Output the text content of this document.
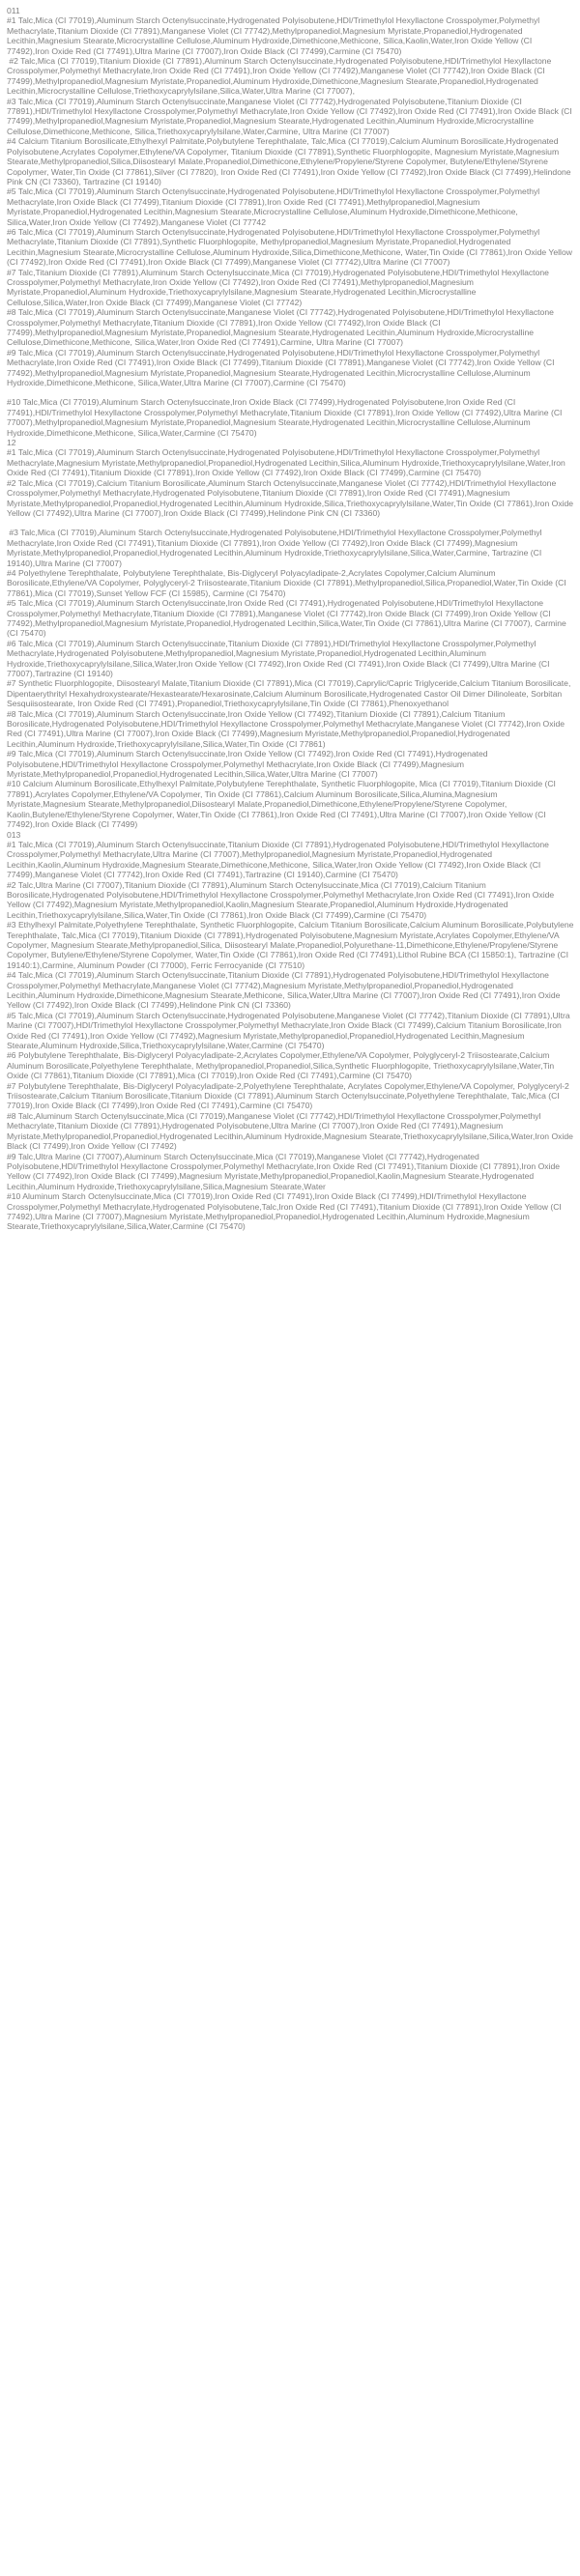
011
#1 Talc,Mica (CI 77019),Aluminum Starch Octenylsuccinate,Hydrogenated Polyisobutene,HDI/Trimethylol Hexyllactone Crosspolymer,Polymethyl Methacrylate,Titanium Dioxide (CI 77891),Manganese Violet (CI 77742),Methylpropanediol,Magnesium Myristate,Propanediol,Hydrogenated Lecithin,Magnesium Stearate,Microcrystalline Cellulose,Aluminum Hydroxide,Dimethicone,Methicone, Silica,Kaolin,Water,Iron Oxide Yellow (CI 77492),Iron Oxide Red (CI 77491),Ultra Marine (CI 77007),Iron Oxide Black (CI 77499),Carmine (CI 75470)

#2 Talc,Mica (CI 77019),Titanium Dioxide (CI 77891),Aluminum Starch Octenylsuccinate,Hydrogenated Polyisobutene,HDI/Trimethylol Hexyllactone Crosspolymer,Polymethyl Methacrylate,Iron Oxide Red (CI 77491),Iron Oxide Yellow (CI 77492),Manganese Violet (CI 77742),Iron Oxide Black (CI 77499),Methylpropanediol,Magnesium Myristate,Propanediol,Aluminum Hydroxide,Dimethicone,Magnesium Stearate,Propanediol,Hydrogenated Lecithin,Microcrystalline Cellulose,Triethoxycaprylylsilane,Silica,Water,Ultra Marine (CI 77007),

#3 Talc,Mica (CI 77019),Aluminum Starch Octenylsuccinate,Manganese Violet (CI 77742),Hydrogenated Polyisobutene,Titanium Dioxide (CI 77891),HDI/Trimethylol Hexyllactone Crosspolymer,Polymethyl Methacrylate,Iron Oxide Yellow (CI 77492),Iron Oxide Red (CI 77491),Iron Oxide Black (CI 77499),Methylpropanediol,Magnesium Myristate,Propanediol,Magnesium Stearate,Hydrogenated Lecithin,Aluminum Hydroxide,Microcrystalline Cellulose,Dimethicone,Methicone, Silica,Triethoxycaprylylsilane,Water,Carmine, Ultra Marine (CI 77007)

#4 Calcium Titanium Borosilicate,Ethylhexyl Palmitate,Polybutylene Terephthalate, Talc,Mica (CI 77019),Calcium Aluminum Borosilicate,Hydrogenated Polyisobutene,Acrylates Copolymer,Ethylene/VA Copolymer, Titanium Dioxide (CI 77891),Synthetic Fluorphlogopite, Magnesium Myristate,Magnesium Stearate,Methylpropanediol,Silica,Diisostearyl Malate,Propanediol,Dimethicone,Ethylene/Propylene/Styrene Copolymer, Butylene/Ethylene/Styrene Copolymer, Water,Tin Oxide (CI 77861),Silver (CI 77820), Iron Oxide Red (CI 77491),Iron Oxide Yellow (CI 77492),Iron Oxide Black (CI 77499),Helindone Pink CN (CI 73360), Tartrazine (CI 19140)

#5 Talc,Mica (CI 77019),Aluminum Starch Octenylsuccinate,Hydrogenated Polyisobutene,HDI/Trimethylol Hexyllactone Crosspolymer,Polymethyl Methacrylate,Iron Oxide Black (CI 77499),Titanium Dioxide (CI 77891),Iron Oxide Red (CI 77491),Methylpropanediol,Magnesium Myristate,Propanediol,Hydrogenated Lecithin,Magnesium Stearate,Microcrystalline Cellulose,Aluminum Hydroxide,Dimethicone,Methicone, Silica,Water,Iron Oxide Yellow (CI 77492),Manganese Violet (CI 77742

#6 Talc,Mica (CI 77019),Aluminum Starch Octenylsuccinate,Hydrogenated Polyisobutene,HDI/Trimethylol Hexyllactone Crosspolymer,Polymethyl Methacrylate,Titanium Dioxide (CI 77891),Synthetic Fluorphlogopite, Methylpropanediol,Magnesium Myristate,Propanediol,Hydrogenated Lecithin,Magnesium Stearate,Microcrystalline Cellulose,Aluminum Hydroxide,Silica,Dimethicone,Methicone, Water,Tin Oxide (CI 77861),Iron Oxide Yellow (CI 77492),Iron Oxide Red (CI 77491),Iron Oxide Black (CI 77499),Manganese Violet (CI 77742),Ultra Marine (CI 77007)

#7 Talc,Titanium Dioxide (CI 77891),Aluminum Starch Octenylsuccinate,Mica (CI 77019),Hydrogenated Polyisobutene,HDI/Trimethylol Hexyllactone Crosspolymer,Polymethyl Methacrylate,Iron Oxide Yellow (CI 77492),Iron Oxide Red (CI 77491),Methylpropanediol,Magnesium Myristate,Propanediol,Aluminum Hydroxide,Triethoxycaprylylsilane,Magnesium Stearate,Hydrogenated Lecithin,Microcrystalline Cellulose,Silica,Water,Iron Oxide Black (CI 77499),Manganese Violet (CI 77742)

#8 Talc,Mica (CI 77019),Aluminum Starch Octenylsuccinate,Manganese Violet (CI 77742),Hydrogenated Polyisobutene,HDI/Trimethylol Hexyllactone Crosspolymer,Polymethyl Methacrylate,Titanium Dioxide (CI 77891),Iron Oxide Yellow (CI 77492),Iron Oxide Black (CI 77499),Methylpropanediol,Magnesium Myristate,Propanediol,Magnesium Stearate,Hydrogenated Lecithin,Aluminum Hydroxide,Microcrystalline Cellulose,Dimethicone,Methicone, Silica,Water,Iron Oxide Red (CI 77491),Carmine, Ultra Marine (CI 77007)

#9 Talc,Mica (CI 77019),Aluminum Starch Octenylsuccinate,Hydrogenated Polyisobutene,HDI/Trimethylol Hexyllactone Crosspolymer,Polymethyl Methacrylate,Iron Oxide Red (CI 77491),Iron Oxide Black (CI 77499),Titanium Dioxide (CI 77891),Manganese Violet (CI 77742),Iron Oxide Yellow (CI 77492),Methylpropanediol,Magnesium Myristate,Propanediol,Magnesium Stearate,Hydrogenated Lecithin,Microcrystalline Cellulose,Aluminum Hydroxide,Dimethicone,Methicone, Silica,Water,Ultra Marine (CI 77007),Carmine (CI 75470)

#10 Talc,Mica (CI 77019),Aluminum Starch Octenylsuccinate,Iron Oxide Black (CI 77499),Hydrogenated Polyisobutene,Iron Oxide Red (CI 77491),HDI/Trimethylol Hexyllactone Crosspolymer,Polymethyl Methacrylate,Titanium Dioxide (CI 77891),Iron Oxide Yellow (CI 77492),Ultra Marine (CI 77007),Methylpropanediol,Magnesium Myristate,Propanediol,Magnesium Stearate,Hydrogenated Lecithin,Microcrystalline Cellulose,Aluminum Hydroxide,Dimethicone,Methicone, Silica,Water,Carmine (CI 75470)
12

#1 Talc,Mica (CI 77019),Aluminum Starch Octenylsuccinate,Hydrogenated Polyisobutene,HDI/Trimethylol Hexyllactone Crosspolymer,Polymethyl Methacrylate,Magnesium Myristate,Methylpropanediol,Propanediol,Hydrogenated Lecithin,Silica,Aluminum Hydroxide,Triethoxycaprylylsilane,Water,Iron Oxide Red (CI 77491),Titanium Dioxide (CI 77891),Iron Oxide Yellow (CI 77492),Iron Oxide Black (CI 77499),Carmine (CI 75470)

#2 Talc,Mica (CI 77019),Calcium Titanium Borosilicate,Aluminum Starch Octenylsuccinate,Manganese Violet (CI 77742),HDI/Trimethylol Hexyllactone Crosspolymer,Polymethyl Methacrylate,Hydrogenated Polyisobutene,Titanium Dioxide (CI 77891),Iron Oxide Red (CI 77491),Magnesium Myristate,Methylpropanediol,Propanediol,Hydrogenated Lecithin,Aluminum Hydroxide,Silica,Triethoxycaprylylsilane,Water,Tin Oxide (CI 77861),Iron Oxide Yellow (CI 77492),Ultra Marine (CI 77007),Iron Oxide Black (CI 77499),Helindone Pink CN (CI 73360)

#3 Talc,Mica (CI 77019),Aluminum Starch Octenylsuccinate,Hydrogenated Polyisobutene,HDI/Trimethylol Hexyllactone Crosspolymer,Polymethyl Methacrylate,Iron Oxide Red (CI 77491),Titanium Dioxide (CI 77891),Iron Oxide Yellow (CI 77492),Iron Oxide Black (CI 77499),Magnesium Myristate,Methylpropanediol,Propanediol,Hydrogenated Lecithin,Aluminum Hydroxide,Triethoxycaprylylsilane,Silica,Water,Carmine, Tartrazine (CI 19140),Ultra Marine (CI 77007)

#4 Polyethylene Terephthalate, Polybutylene Terephthalate, Bis-Diglyceryl Polyacyladipate-2,Acrylates Copolymer,Calcium Aluminum Borosilicate,Ethylene/VA Copolymer, Polyglyceryl-2 Triisostearate,Titanium Dioxide (CI 77891),Methylpropanediol,Silica,Propanediol,Water,Tin Oxide (CI 77861),Mica (CI 77019),Sunset Yellow FCF (CI 15985), Carmine (CI 75470)

#5 Talc,Mica (CI 77019),Aluminum Starch Octenylsuccinate,Iron Oxide Red (CI 77491),Hydrogenated Polyisobutene,HDI/Trimethylol Hexyllactone Crosspolymer,Polymethyl Methacrylate,Titanium Dioxide (CI 77891),Manganese Violet (CI 77742),Iron Oxide Black (CI 77499),Iron Oxide Yellow (CI 77492),Methylpropanediol,Magnesium Myristate,Propanediol,Hydrogenated Lecithin,Silica,Water,Tin Oxide (CI 77861),Ultra Marine (CI 77007), Carmine (CI 75470)

#6 Talc,Mica (CI 77019),Aluminum Starch Octenylsuccinate,Titanium Dioxide (CI 77891),HDI/Trimethylol Hexyllactone Crosspolymer,Polymethyl Methacrylate,Hydrogenated Polyisobutene,Methylpropanediol,Magnesium Myristate,Propanediol,Hydrogenated Lecithin,Aluminum Hydroxide,Triethoxycaprylylsilane,Silica,Water,Iron Oxide Yellow (CI 77492),Iron Oxide Red (CI 77491),Iron Oxide Black (CI 77499),Ultra Marine (CI 77007),Tartrazine (CI 19140)

#7 Synthetic Fluorphlogopite, Diisostearyl Malate,Titanium Dioxide (CI 77891),Mica (CI 77019),Caprylic/Capric Triglyceride,Calcium Titanium Borosilicate, Dipentaerythrityl Hexahydroxystearate/Hexastearate/Hexarosinate,Calcium Aluminum Borosilicate,Hydrogenated Castor Oil Dimer Dilinoleate, Sorbitan Sesquiisostearate, Iron Oxide Red (CI 77491),Propanediol,Triethoxycaprylylsilane,Tin Oxide (CI 77861),Phenoxyethanol

#8 Talc,Mica (CI 77019),Aluminum Starch Octenylsuccinate,Iron Oxide Yellow (CI 77492),Titanium Dioxide (CI 77891),Calcium Titanium Borosilicate,Hydrogenated Polyisobutene,HDI/Trimethylol Hexyllactone Crosspolymer,Polymethyl Methacrylate,Manganese Violet (CI 77742),Iron Oxide Red (CI 77491),Ultra Marine (CI 77007),Iron Oxide Black (CI 77499),Magnesium Myristate,Methylpropanediol,Propanediol,Hydrogenated Lecithin,Aluminum Hydroxide,Triethoxycaprylylsilane,Silica,Water,Tin Oxide (CI 77861)

#9 Talc,Mica (CI 77019),Aluminum Starch Octenylsuccinate,Iron Oxide Yellow (CI 77492),Iron Oxide Red (CI 77491),Hydrogenated Polyisobutene,HDI/Trimethylol Hexyllactone Crosspolymer,Polymethyl Methacrylate,Iron Oxide Black (CI 77499),Magnesium Myristate,Methylpropanediol,Propanediol,Hydrogenated Lecithin,Silica,Water,Ultra Marine (CI 77007)

#10 Calcium Aluminum Borosilicate,Ethylhexyl Palmitate,Polybutylene Terephthalate, Synthetic Fluorphlogopite, Mica (CI 77019),Titanium Dioxide (CI 77891),Acrylates Copolymer,Ethylene/VA Copolymer, Tin Oxide (CI 77861),Calcium Aluminum Borosilicate,Silica,Alumina,Magnesium Myristate,Magnesium Stearate,Methylpropanediol,Diisostearyl Malate,Propanediol,Dimethicone,Ethylene/Propylene/Styrene Copolymer, Kaolin,Butylene/Ethylene/Styrene Copolymer, Water,Tin Oxide (CI 77861),Iron Oxide Red (CI 77491),Ultra Marine (CI 77007),Iron Oxide Yellow (CI 77492),Iron Oxide Black (CI 77499)

013
#1 Talc,Mica (CI 77019),Aluminum Starch Octenylsuccinate,Titanium Dioxide (CI 77891),Hydrogenated Polyisobutene,HDI/Trimethylol Hexyllactone Crosspolymer,Polymethyl Methacrylate,Ultra Marine (CI 77007),Methylpropanediol,Magnesium Myristate,Propanediol,Hydrogenated Lecithin,Kaolin,Aluminum Hydroxide,Magnesium Stearate,Dimethicone,Methicone, Silica,Water,Iron Oxide Yellow (CI 77492),Iron Oxide Black (CI 77499),Manganese Violet (CI 77742),Iron Oxide Red (CI 77491),Tartrazine (CI 19140),Carmine (CI 75470)

#2 Talc,Ultra Marine (CI 77007),Titanium Dioxide (CI 77891),Aluminum Starch Octenylsuccinate,Mica (CI 77019),Calcium Titanium Borosilicate,Hydrogenated Polyisobutene,HDI/Trimethylol Hexyllactone Crosspolymer,Polymethyl Methacrylate,Iron Oxide Red (CI 77491),Iron Oxide Yellow (CI 77492),Magnesium Myristate,Methylpropanediol,Kaolin,Magnesium Stearate,Propanediol,Aluminum Hydroxide,Hydrogenated Lecithin,Triethoxycaprylylsilane,Silica,Water,Tin Oxide (CI 77861),Iron Oxide Black (CI 77499),Carmine (CI 75470)

#3 Ethylhexyl Palmitate,Polyethylene Terephthalate, Synthetic Fluorphlogopite, Calcium Titanium Borosilicate,Calcium Aluminum Borosilicate,Polybutylene Terephthalate, Talc,Mica (CI 77019),Titanium Dioxide (CI 77891),Hydrogenated Polyisobutene,Magnesium Myristate,Acrylates Copolymer,Ethylene/VA Copolymer, Magnesium Stearate,Methylpropanediol,Silica, Diisostearyl Malate,Propanediol,Polyurethane-11,Dimethicone,Ethylene/Propylene/Styrene Copolymer, Butylene/Ethylene/Styrene Copolymer, Water,Tin Oxide (CI 77861),Iron Oxide Red (CI 77491),Lithol Rubine BCA (CI 15850:1), Tartrazine (CI 19140:1),Carmine, Aluminum Powder (CI 77000), Ferric Ferrocyanide (CI 77510)

#4 Talc,Mica (CI 77019),Aluminum Starch Octenylsuccinate,Titanium Dioxide (CI 77891),Hydrogenated Polyisobutene,HDI/Trimethylol Hexyllactone Crosspolymer,Polymethyl Methacrylate,Manganese Violet (CI 77742),Magnesium Myristate,Methylpropanediol,Propanediol,Hydrogenated Lecithin,Aluminum Hydroxide,Dimethicone,Magnesium Stearate,Methicone, Silica,Water,Ultra Marine (CI 77007),Iron Oxide Red (CI 77491),Iron Oxide Yellow (CI 77492),Iron Oxide Black (CI 77499),Helindone Pink CN (CI 73360)

#5 Talc,Mica (CI 77019),Aluminum Starch Octenylsuccinate,Hydrogenated Polyisobutene,Manganese Violet (CI 77742),Titanium Dioxide (CI 77891),Ultra Marine (CI 77007),HDI/Trimethylol Hexyllactone Crosspolymer,Polymethyl Methacrylate,Iron Oxide Black (CI 77499),Calcium Titanium Borosilicate,Iron Oxide Red (CI 77491),Iron Oxide Yellow (CI 77492),Magnesium Myristate,Methylpropanediol,Propanediol,Hydrogenated Lecithin,Magnesium Stearate,Aluminum Hydroxide,Silica,Triethoxycaprylylsilane,Water,Carmine (CI 75470)

#6 Polybutylene Terephthalate, Bis-Diglyceryl Polyacyladipate-2,Acrylates Copolymer,Ethylene/VA Copolymer, Polyglyceryl-2 Triisostearate,Calcium Aluminum Borosilicate,Polyethylene Terephthalate, Methylpropanediol,Propanediol,Silica,Synthetic Fluorphlogopite, Triethoxycaprylylsilane,Water,Tin Oxide (CI 77861),Titanium Dioxide (CI 77891),Mica (CI 77019),Iron Oxide Red (CI 77491),Carmine (CI 75470)

#7 Polybutylene Terephthalate, Bis-Diglyceryl Polyacyladipate-2,Polyethylene Terephthalate, Acrylates Copolymer,Ethylene/VA Copolymer, Polyglyceryl-2 Triisostearate,Calcium Titanium Borosilicate,Titanium Dioxide (CI 77891),Aluminum Starch Octenylsuccinate,Polyethylene Terephthalate, Talc,Mica (CI 77019),Iron Oxide Black (CI 77499),Iron Oxide Red (CI 77491),Carmine (CI 75470)

#8 Talc,Aluminum Starch Octenylsuccinate,Mica (CI 77019),Manganese Violet (CI 77742),HDI/Trimethylol Hexyllactone Crosspolymer,Polymethyl Methacrylate,Titanium Dioxide (CI 77891),Hydrogenated Polyisobutene,Ultra Marine (CI 77007),Iron Oxide Red (CI 77491),Magnesium Myristate,Methylpropanediol,Propanediol,Hydrogenated Lecithin,Aluminum Hydroxide,Magnesium Stearate,Triethoxycaprylylsilane,Silica,Water,Iron Oxide Black (CI 77499),Iron Oxide Yellow (CI 77492)

#9 Talc,Ultra Marine (CI 77007),Aluminum Starch Octenylsuccinate,Mica (CI 77019),Manganese Violet (CI 77742),Hydrogenated Polyisobutene,HDI/Trimethylol Hexyllactone Crosspolymer,Polymethyl Methacrylate,Iron Oxide Red (CI 77491),Titanium Dioxide (CI 77891),Iron Oxide Yellow (CI 77492),Iron Oxide Black (CI 77499),Magnesium Myristate,Methylpropanediol,Propanediol,Kaolin,Magnesium Stearate,Hydrogenated Lecithin,Aluminum Hydroxide,Triethoxycaprylylsilane,Silica,Magnesium Stearate,Water

#10 Aluminum Starch Octenylsuccinate,Mica (CI 77019),Iron Oxide Red (CI 77491),Iron Oxide Black (CI 77499),HDI/Trimethylol Hexyllactone Crosspolymer,Polymethyl Methacrylate,Hydrogenated Polyisobutene,Talc,Iron Oxide Red (CI 77491),Titanium Dioxide (CI 77891),Iron Oxide Yellow (CI 77492),Ultra Marine (CI 77007),Magnesium Myristate,Methylpropanediol,Propanediol,Hydrogenated Lecithin,Aluminum Hydroxide,Magnesium Stearate,Triethoxycaprylylsilane,Silica,Water,Carmine (CI 75470)
